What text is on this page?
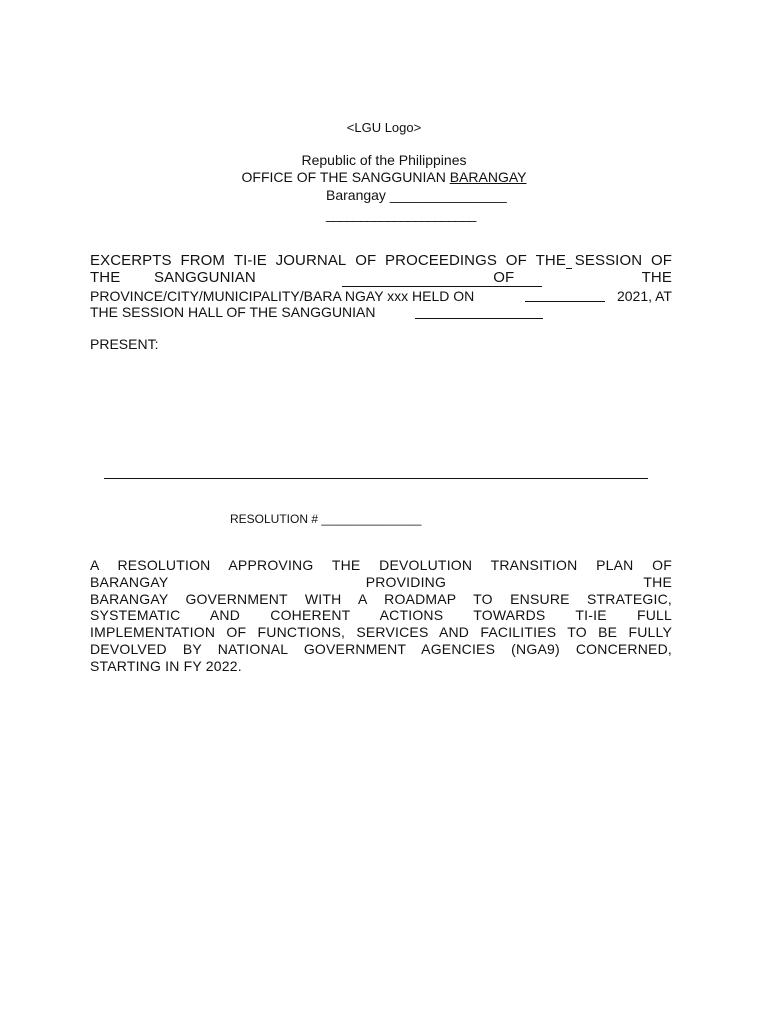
<LGU Logo>
Republic of the Philippines
OFFICE OF THE SANGGUNIAN BARANGAY
Barangay _______________
______________________
EXCERPTS FROM TI-IE JOURNAL OF PROCEEDINGS OF THE SESSION OF
THE SANGGUNIAN	OF	THE
PROVINCE/CITY/MUNICIPALITY/BARA NGAY xxx HELD ON	2021, AT
THE SESSION HALL OF THE SANGGUNIAN
PRESENT:
RESOLUTION # _______________
A RESOLUTION APPROVING THE DEVOLUTION TRANSITION PLAN OF
BARANGAY PROVIDING THE
BARANGAY GOVERNMENT WITH A ROADMAP TO ENSURE STRATEGIC,
SYSTEMATIC AND COHERENT ACTIONS TOWARDS TI-IE FULL
IMPLEMENTATION OF FUNCTIONS, SERVICES AND FACILITIES TO BE FULLY
DEVOLVED BY NATIONAL GOVERNMENT AGENCIES (NGA9) CONCERNED,
STARTING IN FY 2022.
